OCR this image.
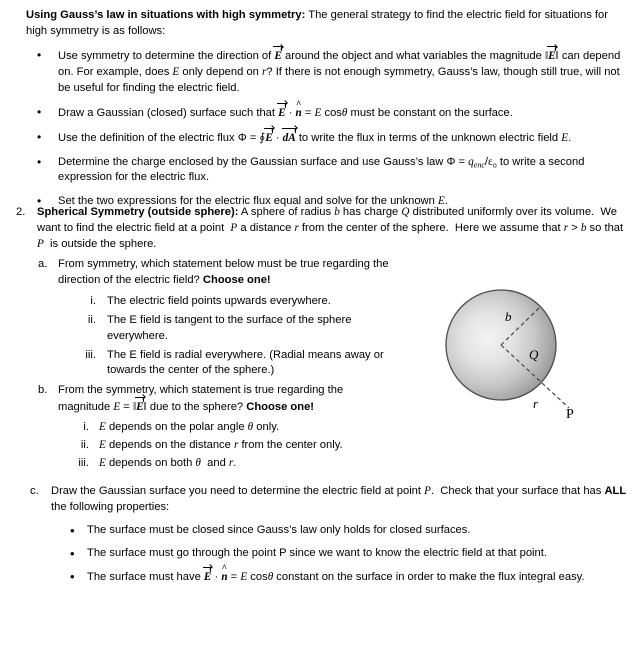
Using Gauss’s law in situations with high symmetry: The general strategy to find the electric field for situations for high symmetry is as follows:
• Use symmetry to determine the direction of E around the object and what variables the magnitude ‖E‖ can depend on. For example, does E only depend on r? If there is not enough symmetry, Gauss’s law, though still true, will not be useful for finding the electric field.
• Draw a Gaussian (closed) surface such that E · n ^ = E cosθ must be constant on the surface.
• Use the definition of the electric flux Φ = ∮E · dA to write the flux in terms of the unknown electric field E.
• Determine the charge enclosed by the Gaussian surface and use Gauss’s law $\Phi = q_{enc}/\varepsilon_o$ to write a second expression for the electric flux.
• Set the two expressions for the electric flux equal and solve for the unknown E.
2.	Spherical Symmetry (outside sphere): A sphere of radius b has charge Q distributed uniformly over its volume.  We want to find the electric field at a point  P a distance r from the center of the sphere.  Here we assume that r > b so that P  is outside the sphere.
a. From symmetry, which statement below must be true regarding the direction of the electric field? Choose one!
i. The electric field points upwards everywhere.
ii. The E field is tangent to the surface of the sphere everywhere.
iii. The E field is radial everywhere. (Radial means away or towards the center of the sphere.)
b. From the symmetry, which statement is true regarding the magnitude E = ‖E‖ due to the sphere? Choose one!
i. E depends on the polar angle θ only.
ii. E depends on the distance r from the center only.
iii. E depends on both θ  and r.
c. Draw the Gaussian surface you need to determine the electric field at point P.  Check that your surface that has ALL the following properties:
• The surface must be closed since Gauss’s law only holds for closed surfaces.
• The surface must go through the point P since we want to know the electric field at that point.
• The surface must have E · n ^ = E cosθ constant on the surface in order to make the flux integral easy.
b
Q
r
P
